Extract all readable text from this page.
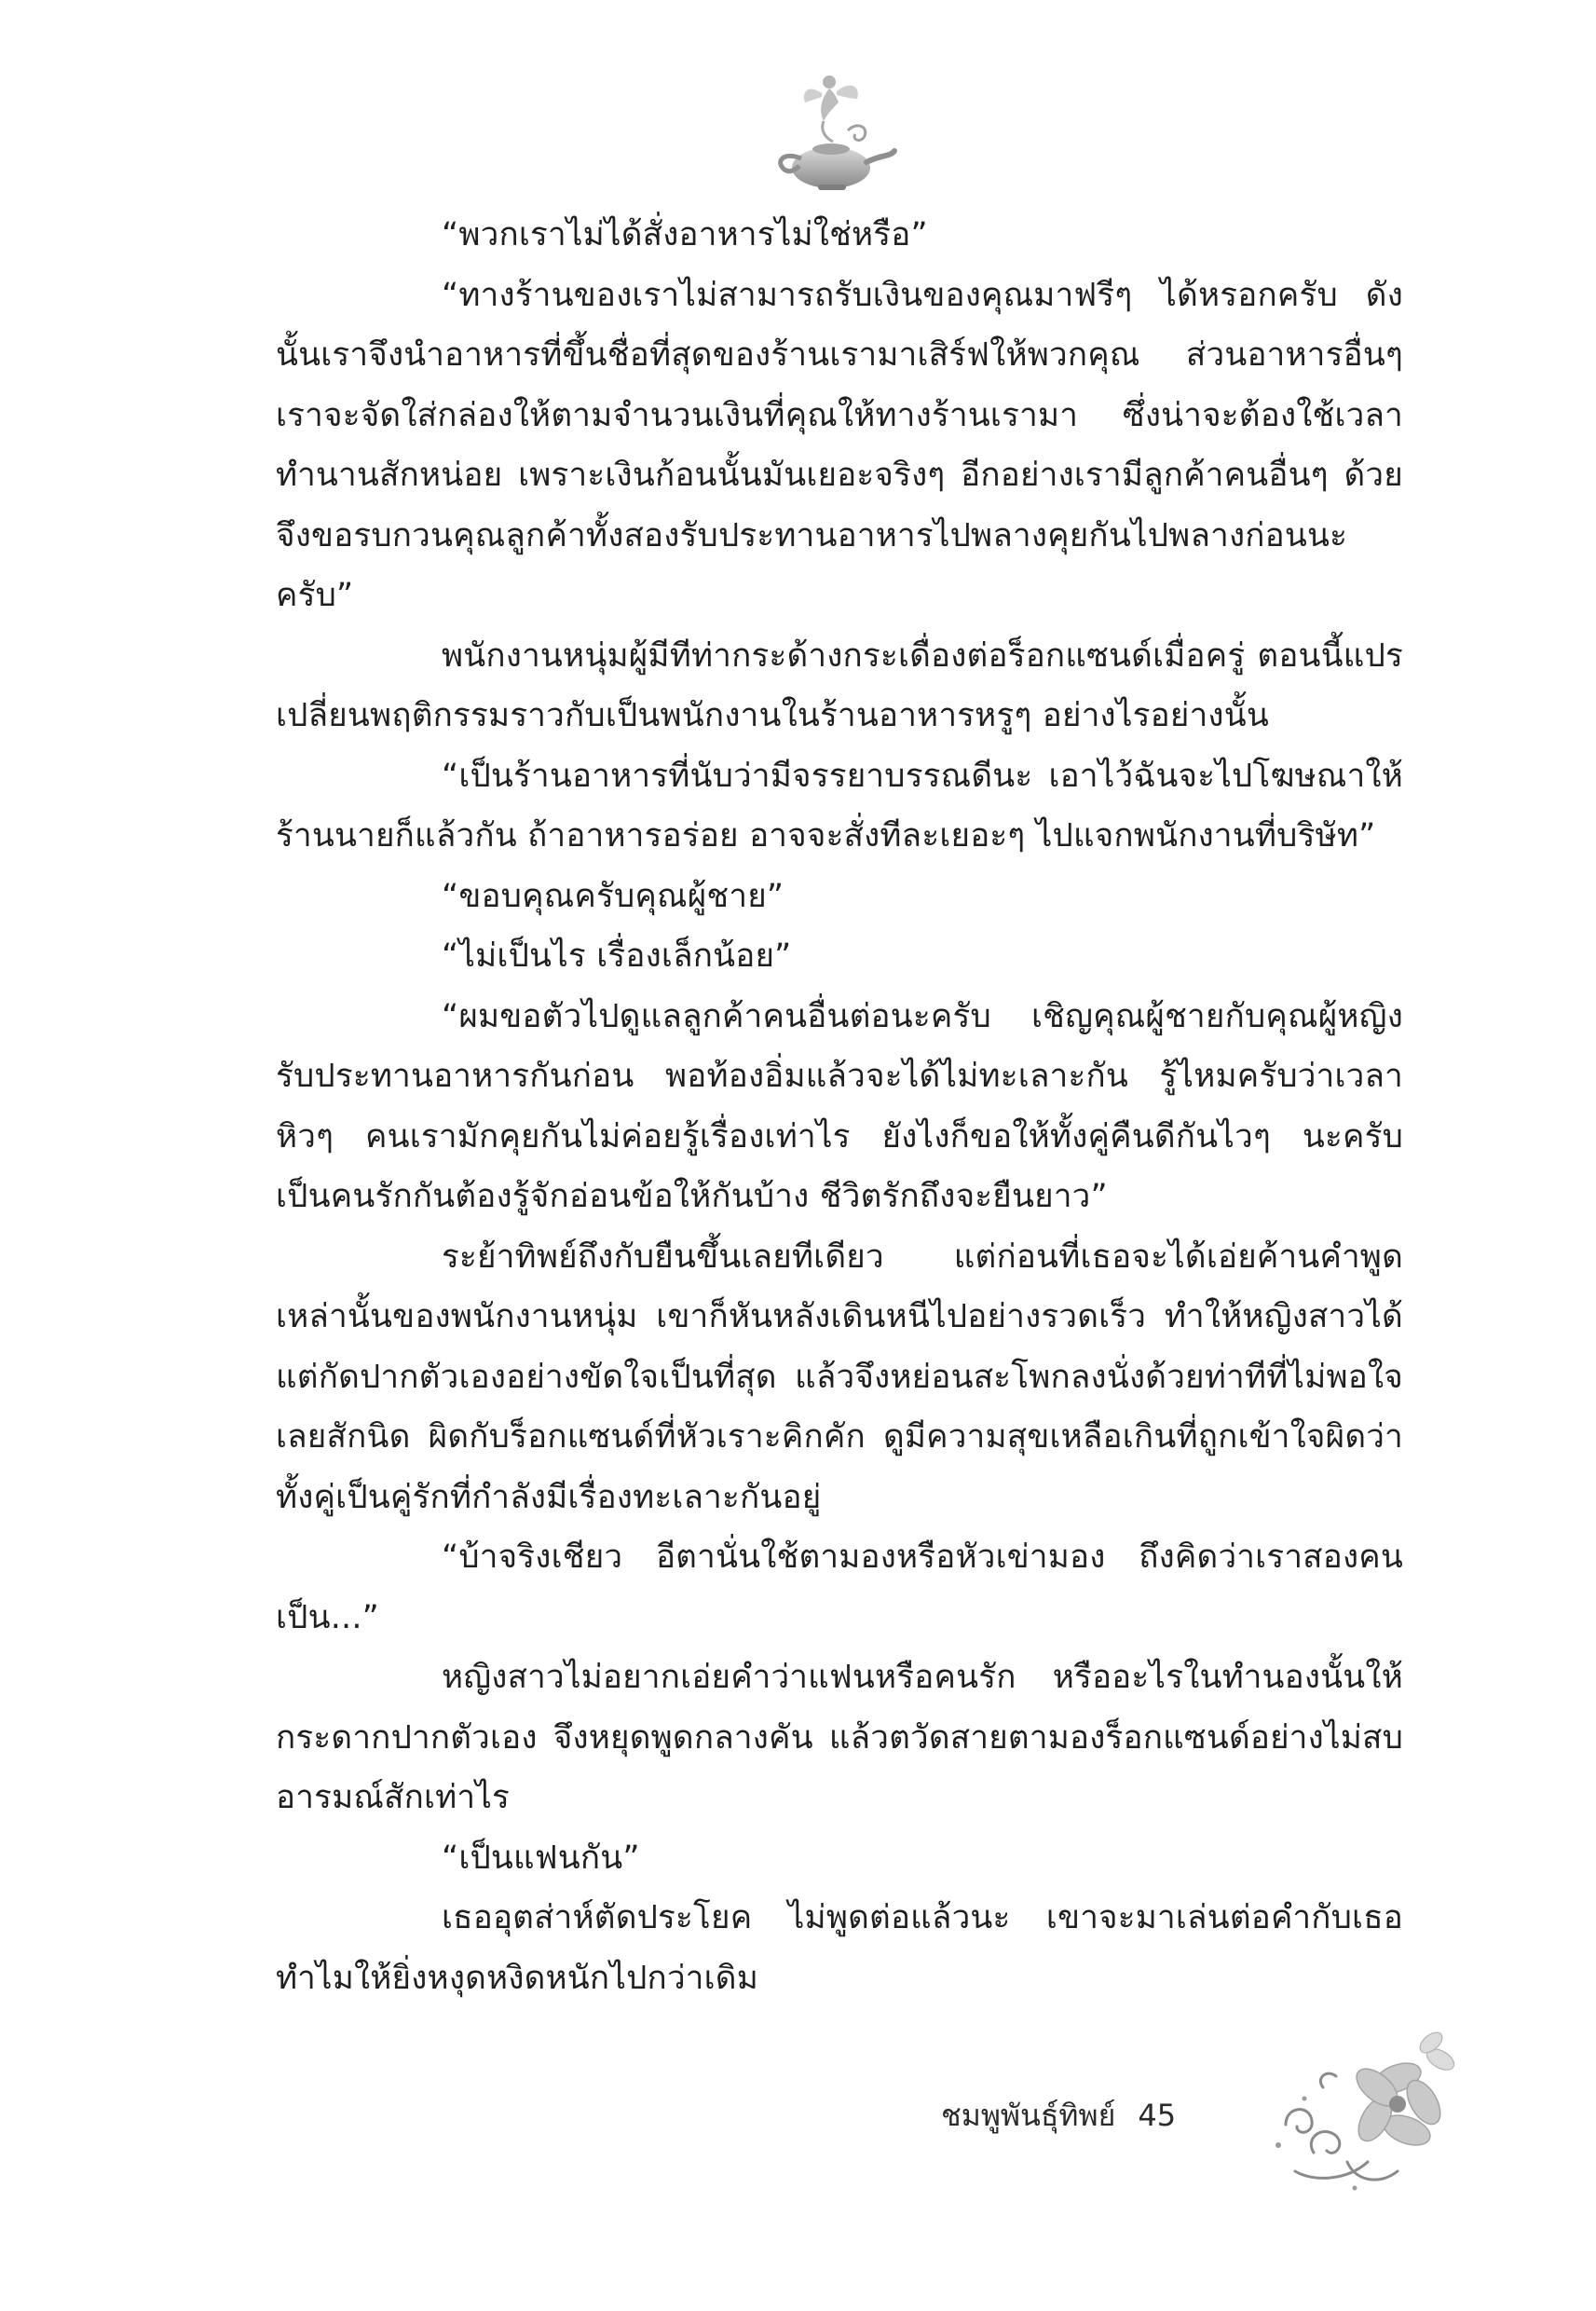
“พวกเราไม่ได้สั่งอาหารไม่ใช่หรือ”

“ทางร้านของเราไม่สามารถรับเงินของคุณมาฟรีๆ ได้หรอกครับ ดังนั้นเราจึงนำอาหารที่ขึ้นชื่อที่สุดของร้านเรามาเสิร์ฟให้พวกคุณ ส่วนอาหารอื่นๆ เราจะจัดใส่กล่องให้ตามจำนวนเงินที่คุณให้ทางร้านเรามา ซึ่งน่าจะต้องใช้เวลาทำนานสักหน่อย เพราะเงินก้อนนั้นมันเยอะจริงๆ อีกอย่างเรามีลูกค้าคนอื่นๆ ด้วยจึงขอรบกวนคุณลูกค้าทั้งสองรับประทานอาหารไปพลางคุยกันไปพลางก่อนนะครับ”

พนักงานหนุ่มผู้มีทีท่ากระด้างกระเดื่องต่อร็อกแซนด์เมื่อครู่ ตอนนี้แปรเปลี่ยนพฤติกรรมราวกับเป็นพนักงานในร้านอาหารหรูๆ อย่างไรอย่างนั้น

“เป็นร้านอาหารที่นับว่ามีจรรยาบรรณดีนะ เอาไว้ฉันจะไปโฆษณาให้ร้านนายก็แล้วกัน ถ้าอาหารอร่อย อาจจะสั่งทีละเยอะๆ ไปแจกพนักงานที่บริษัท”

“ขอบคุณครับคุณผู้ชาย”

“ไม่เป็นไร เรื่องเล็กน้อย”

“ผมขอตัวไปดูแลลูกค้าคนอื่นต่อนะครับ เชิญคุณผู้ชายกับคุณผู้หญิงรับประทานอาหารกันก่อน พอท้องอิ่มแล้วจะได้ไม่ทะเลาะกัน รู้ไหมครับว่าเวลาหิวๆ คนเรามักคุยกันไม่ค่อยรู้เรื่องเท่าไร ยังไงก็ขอให้ทั้งคู่คืนดีกันไวๆ นะครับ เป็นคนรักกันต้องรู้จักอ่อนข้อให้กันบ้าง ชีวิตรักถึงจะยืนยาว”

ระย้าทิพย์ถึงกับยืนขึ้นเลยทีเดียว แต่ก่อนที่เธอจะได้เอ่ยค้านคำพูดเหล่านั้นของพนักงานหนุ่ม เขาก็หันหลังเดินหนีไปอย่างรวดเร็ว ทำให้หญิงสาวได้แต่กัดปากตัวเองอย่างขัดใจเป็นที่สุด แล้วจึงหย่อนสะโพกลงนั่งด้วยท่าทีที่ไม่พอใจเลยสักนิด ผิดกับร็อกแซนด์ที่หัวเราะคิกคัก ดูมีความสุขเหลือเกินที่ถูกเข้าใจผิดว่าทั้งคู่เป็นคู่รักที่กำลังมีเรื่องทะเลาะกันอยู่

“บ้าจริงเชียว อีตานั่นใช้ตามองหรือหัวเข่ามอง ถึงคิดว่าเราสองคนเป็น...”

หญิงสาวไม่อยากเอ่ยคำว่าแฟนหรือคนรัก หรืออะไรในทำนองนั้นให้กระดากปากตัวเอง จึงหยุดพูดกลางคัน แล้วตวัดสายตามองร็อกแซนด์อย่างไม่สบอารมณ์สักเท่าไร

“เป็นแฟนกัน”

เธออุตส่าห์ตัดประโยค ไม่พูดต่อแล้วนะ เขาจะมาเล่นต่อคำกับเธอทำไมให้ยิ่งหงุดหงิดหนักไปกว่าเดิม

ชมพูพันธุ์ทิพย์ 45
